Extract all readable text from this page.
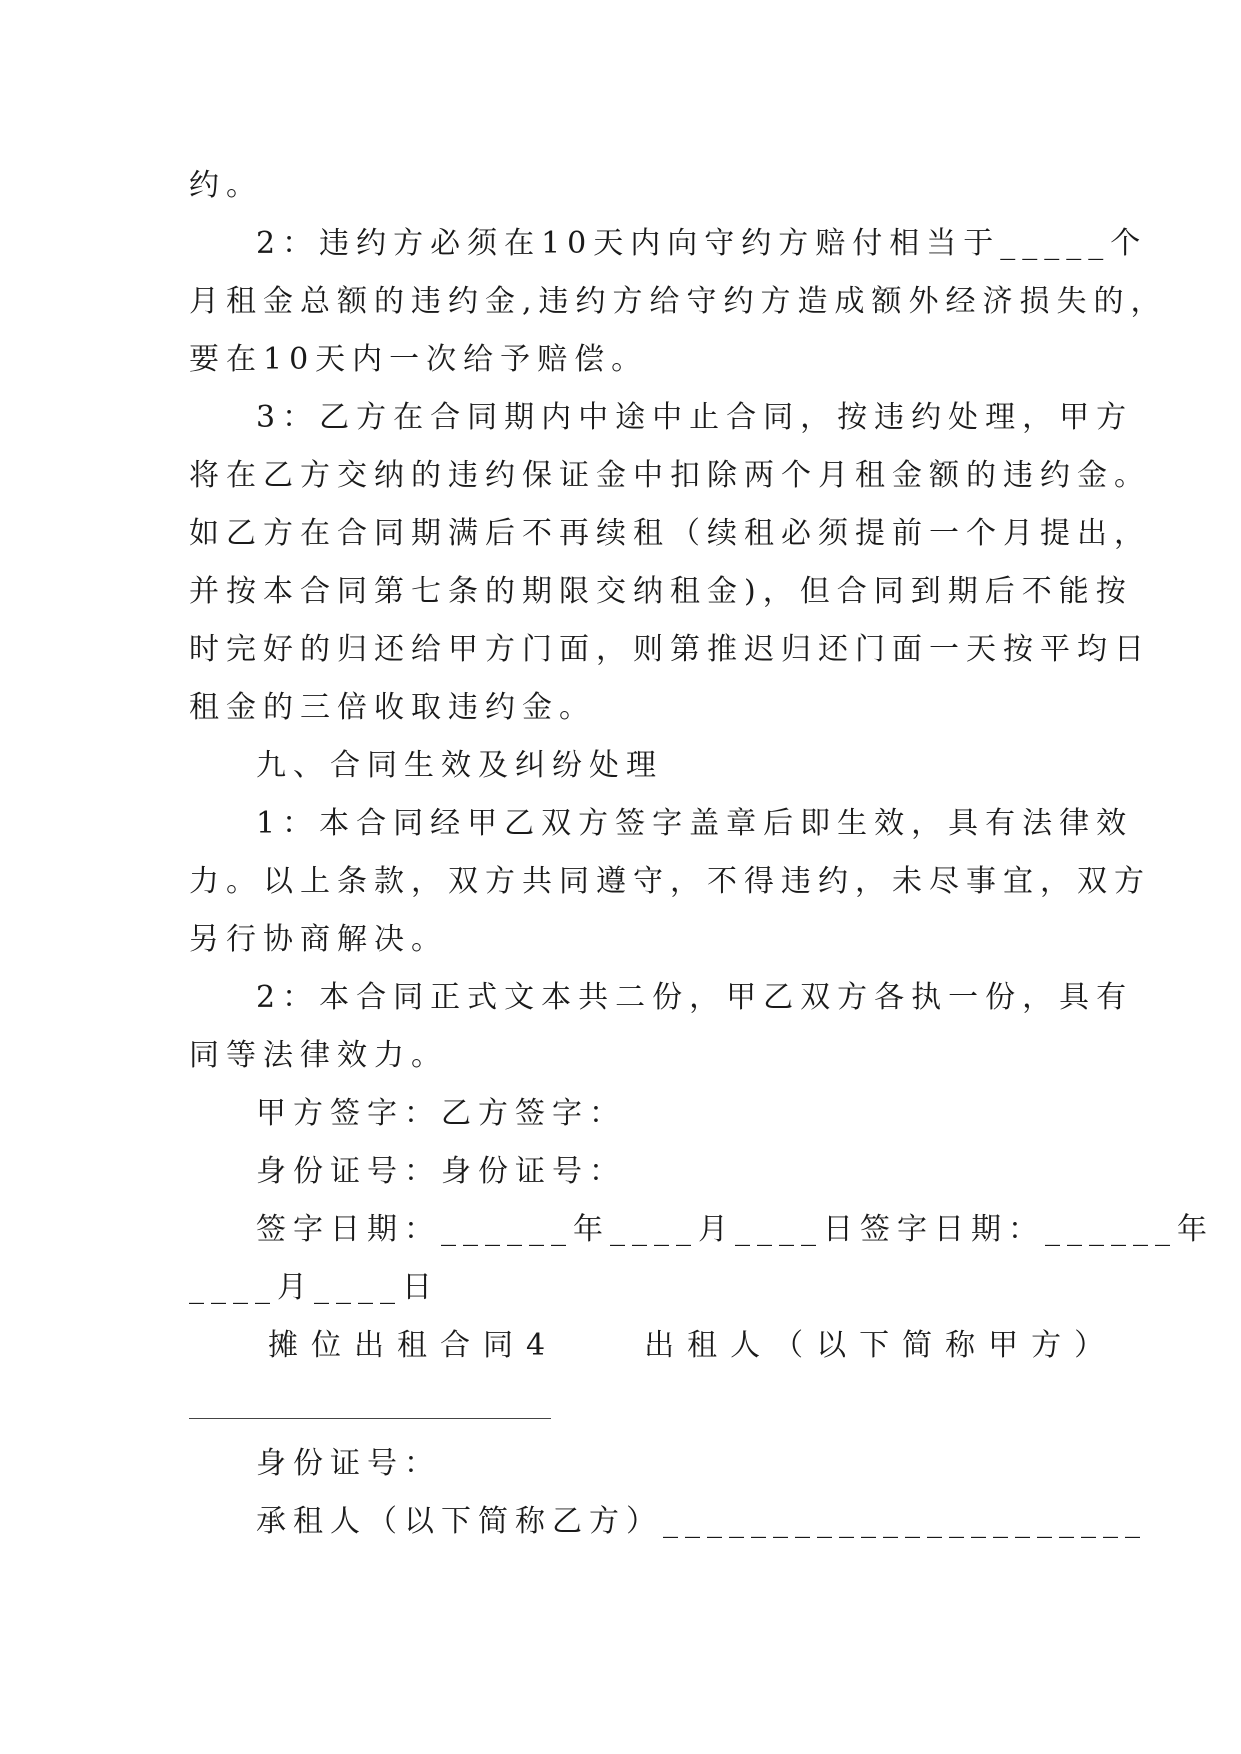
约。
2：违约方必须在10天内向守约方赔付相当于_____个
月租金总额的违约金,违约方给守约方造成额外经济损失的，
要在10天内一次给予赔偿。
3：乙方在合同期内中途中止合同，按违约处理，甲方
将在乙方交纳的违约保证金中扣除两个月租金额的违约金。
如乙方在合同期满后不再续租（续租必须提前一个月提出，
并按本合同第七条的期限交纳租金)，但合同到期后不能按
时完好的归还给甲方门面，则第推迟归还门面一天按平均日
租金的三倍收取违约金。
九、合同生效及纠纷处理
1：本合同经甲乙双方签字盖章后即生效，具有法律效
力。以上条款，双方共同遵守，不得违约，未尽事宜，双方
另行协商解决。
2：本合同正式文本共二份，甲乙双方各执一份，具有
同等法律效力。
甲方签字：乙方签字：
身份证号：身份证号：
签字日期：______年____月____日签字日期：______年
____月____日
摊位出租合同4　　出租人（以下简称甲方）
身份证号：
承租人（以下简称乙方）______________________
